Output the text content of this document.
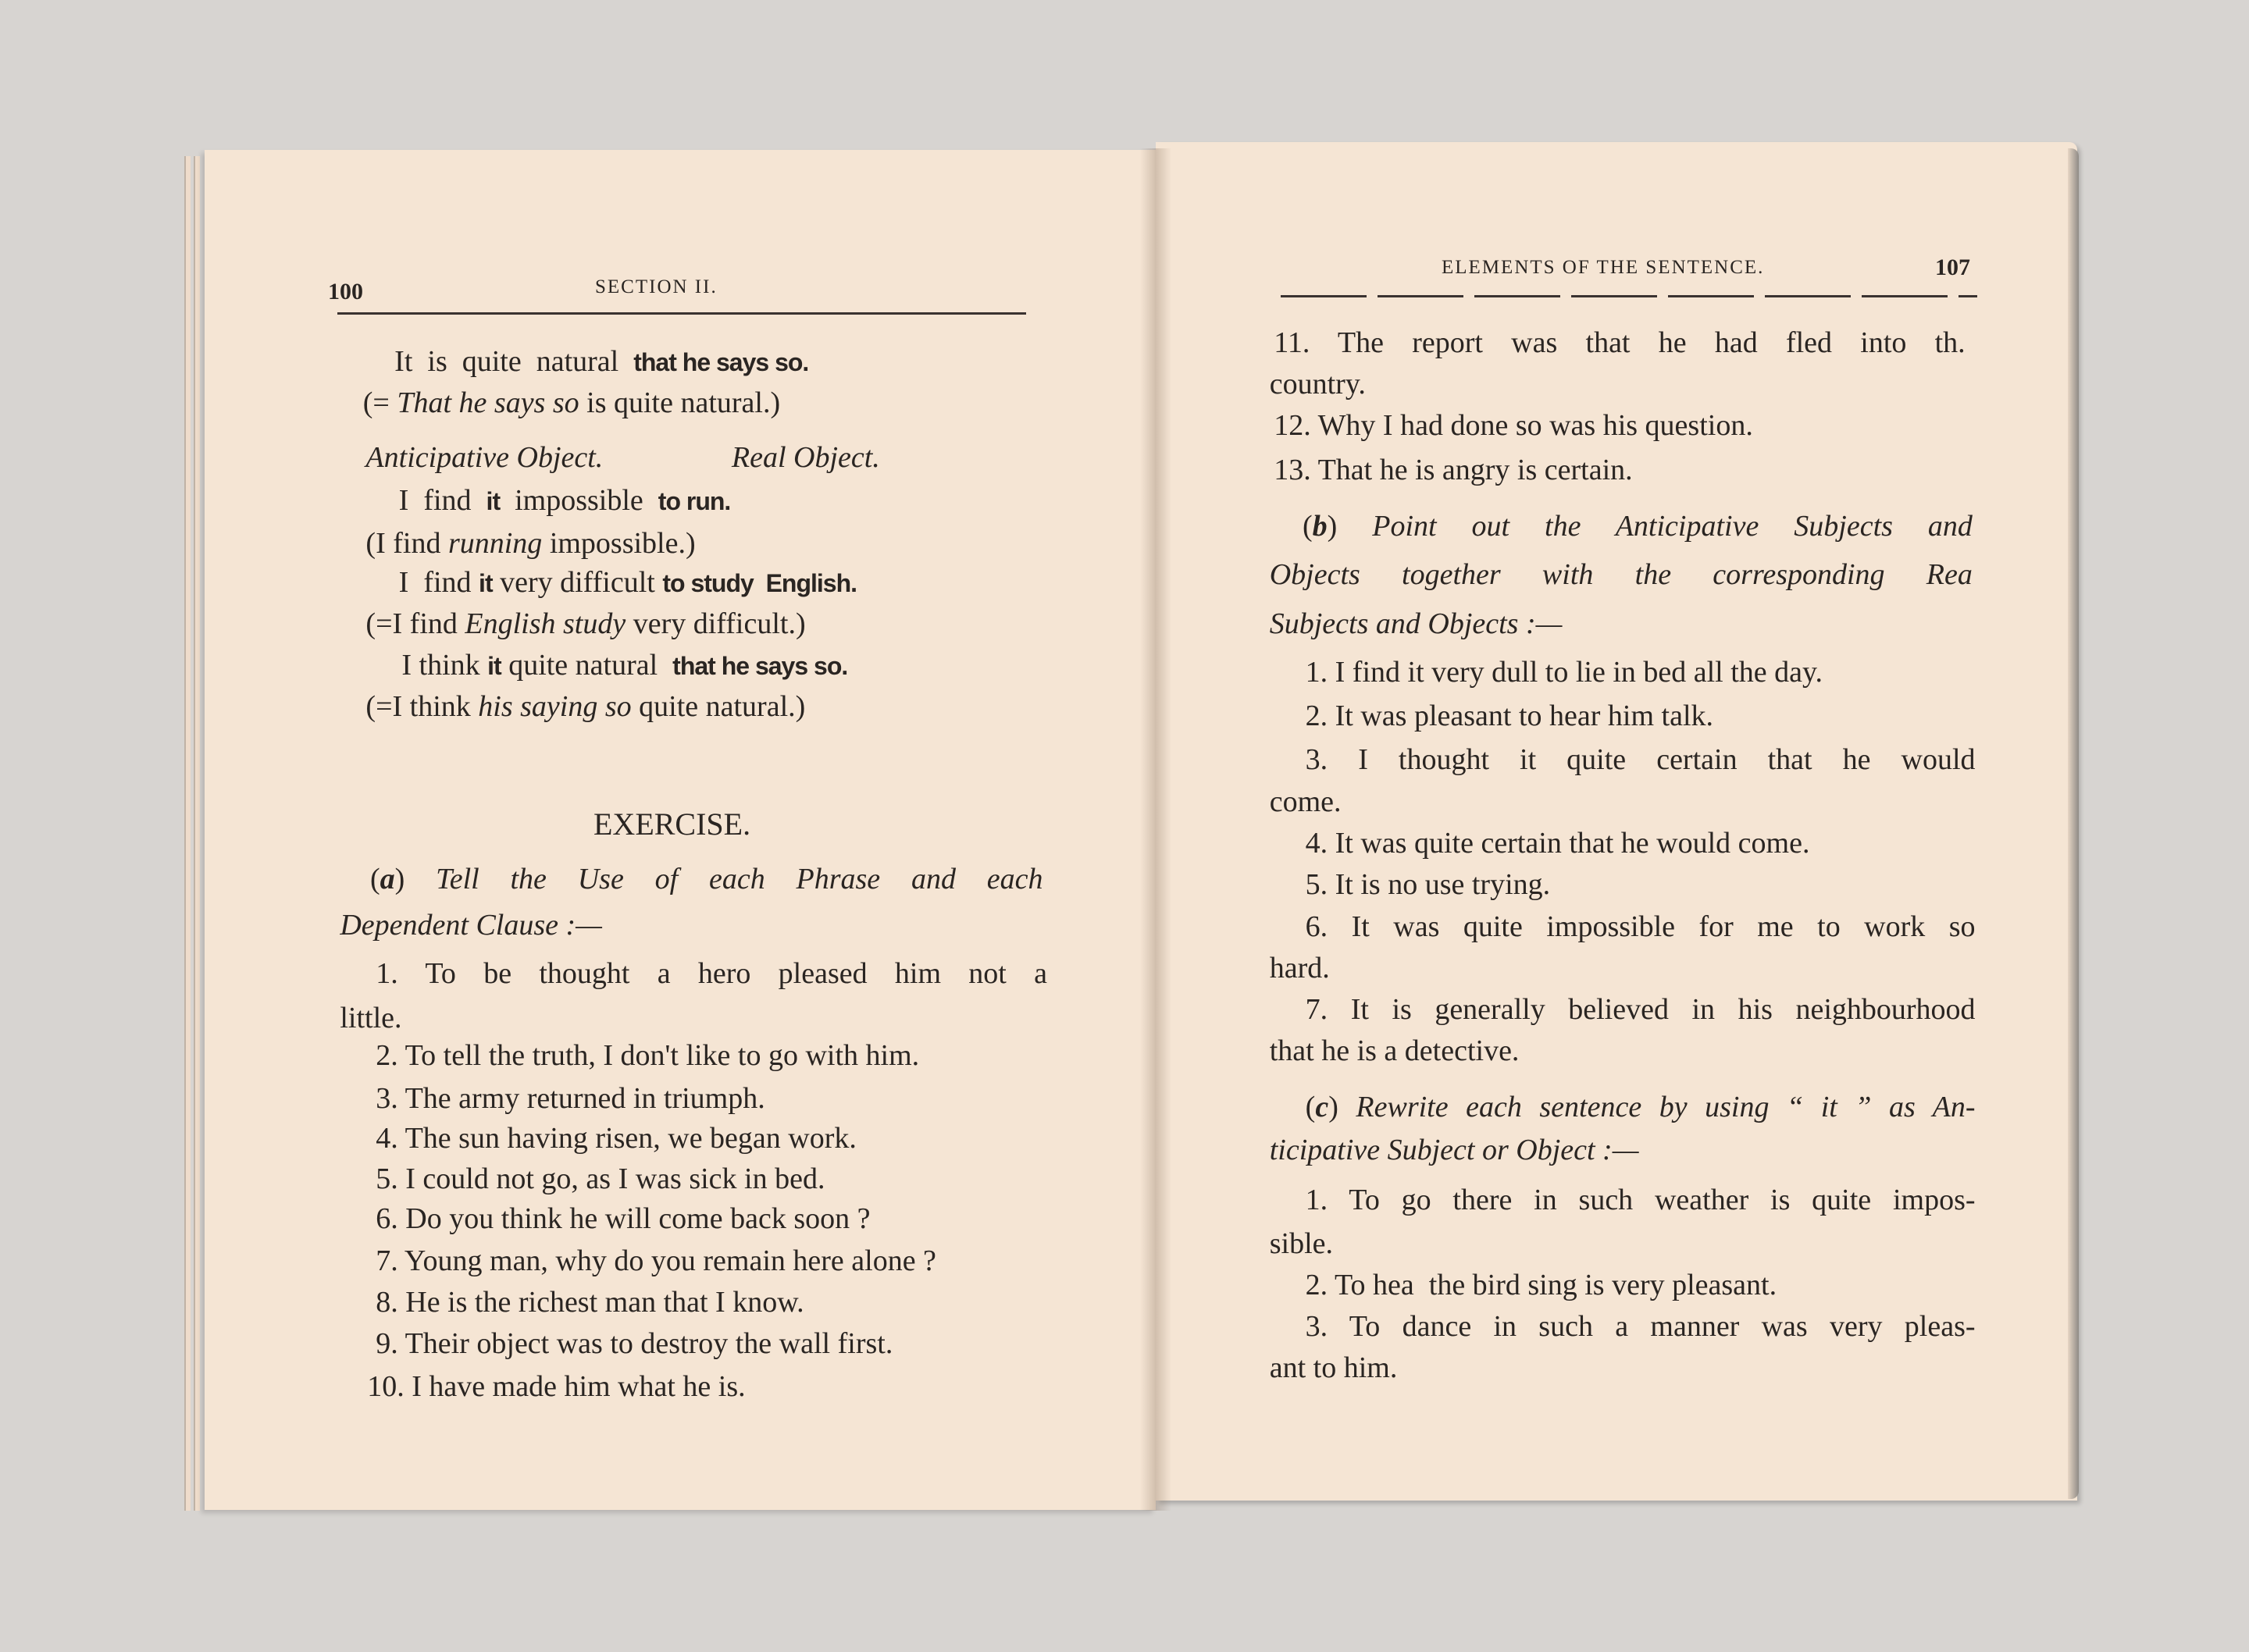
100	SECTION II.
EXERCISE.
ELEMENTS OF THE SENTENCE.	107
It  is  quite  natural  that he says so.
(= That he says so is quite natural.)
Anticipative Object.	Real Object.
I  find  it  impossible  to run.
(I find running impossible.)
I  find it very difficult to study  English.
(=I find English study very difficult.)
I think it quite natural  that he says so.
(=I think his saying so quite natural.)
(a) Tell the Use of each Phrase and each
Dependent Clause :—
1. To be thought a hero pleased him not a
little.
2. To tell the truth, I don't like to go with him.
3. The army returned in triumph.
4. The sun having risen, we began work.
5. I could not go, as I was sick in bed.
6. Do you think he will come back soon ?
7. Young man, why do you remain here alone ?
8. He is the richest man that I know.
9. Their object was to destroy the wall first.
10. I have made him what he is.
11. The report was that he had fled into th.
country.
12. Why I had done so was his question.
13. That he is angry is certain.
(b) Point out the Anticipative Subjects and
Objects together with the corresponding Rea
Subjects and Objects :—
1. I find it very dull to lie in bed all the day.
2. It was pleasant to hear him talk.
3. I thought it quite certain that he would
come.
4. It was quite certain that he would come.
5. It is no use trying.
6. It was quite impossible for me to work so
hard.
7. It is generally believed in his neighbourhood
that he is a detective.
(c) Rewrite each sentence by using “ it ” as An-
ticipative Subject or Object :—
1. To go there in such weather is quite impos-
sible.
2. To hea  the bird sing is very pleasant.
3. To dance in such a manner was very pleas-
ant to him.
